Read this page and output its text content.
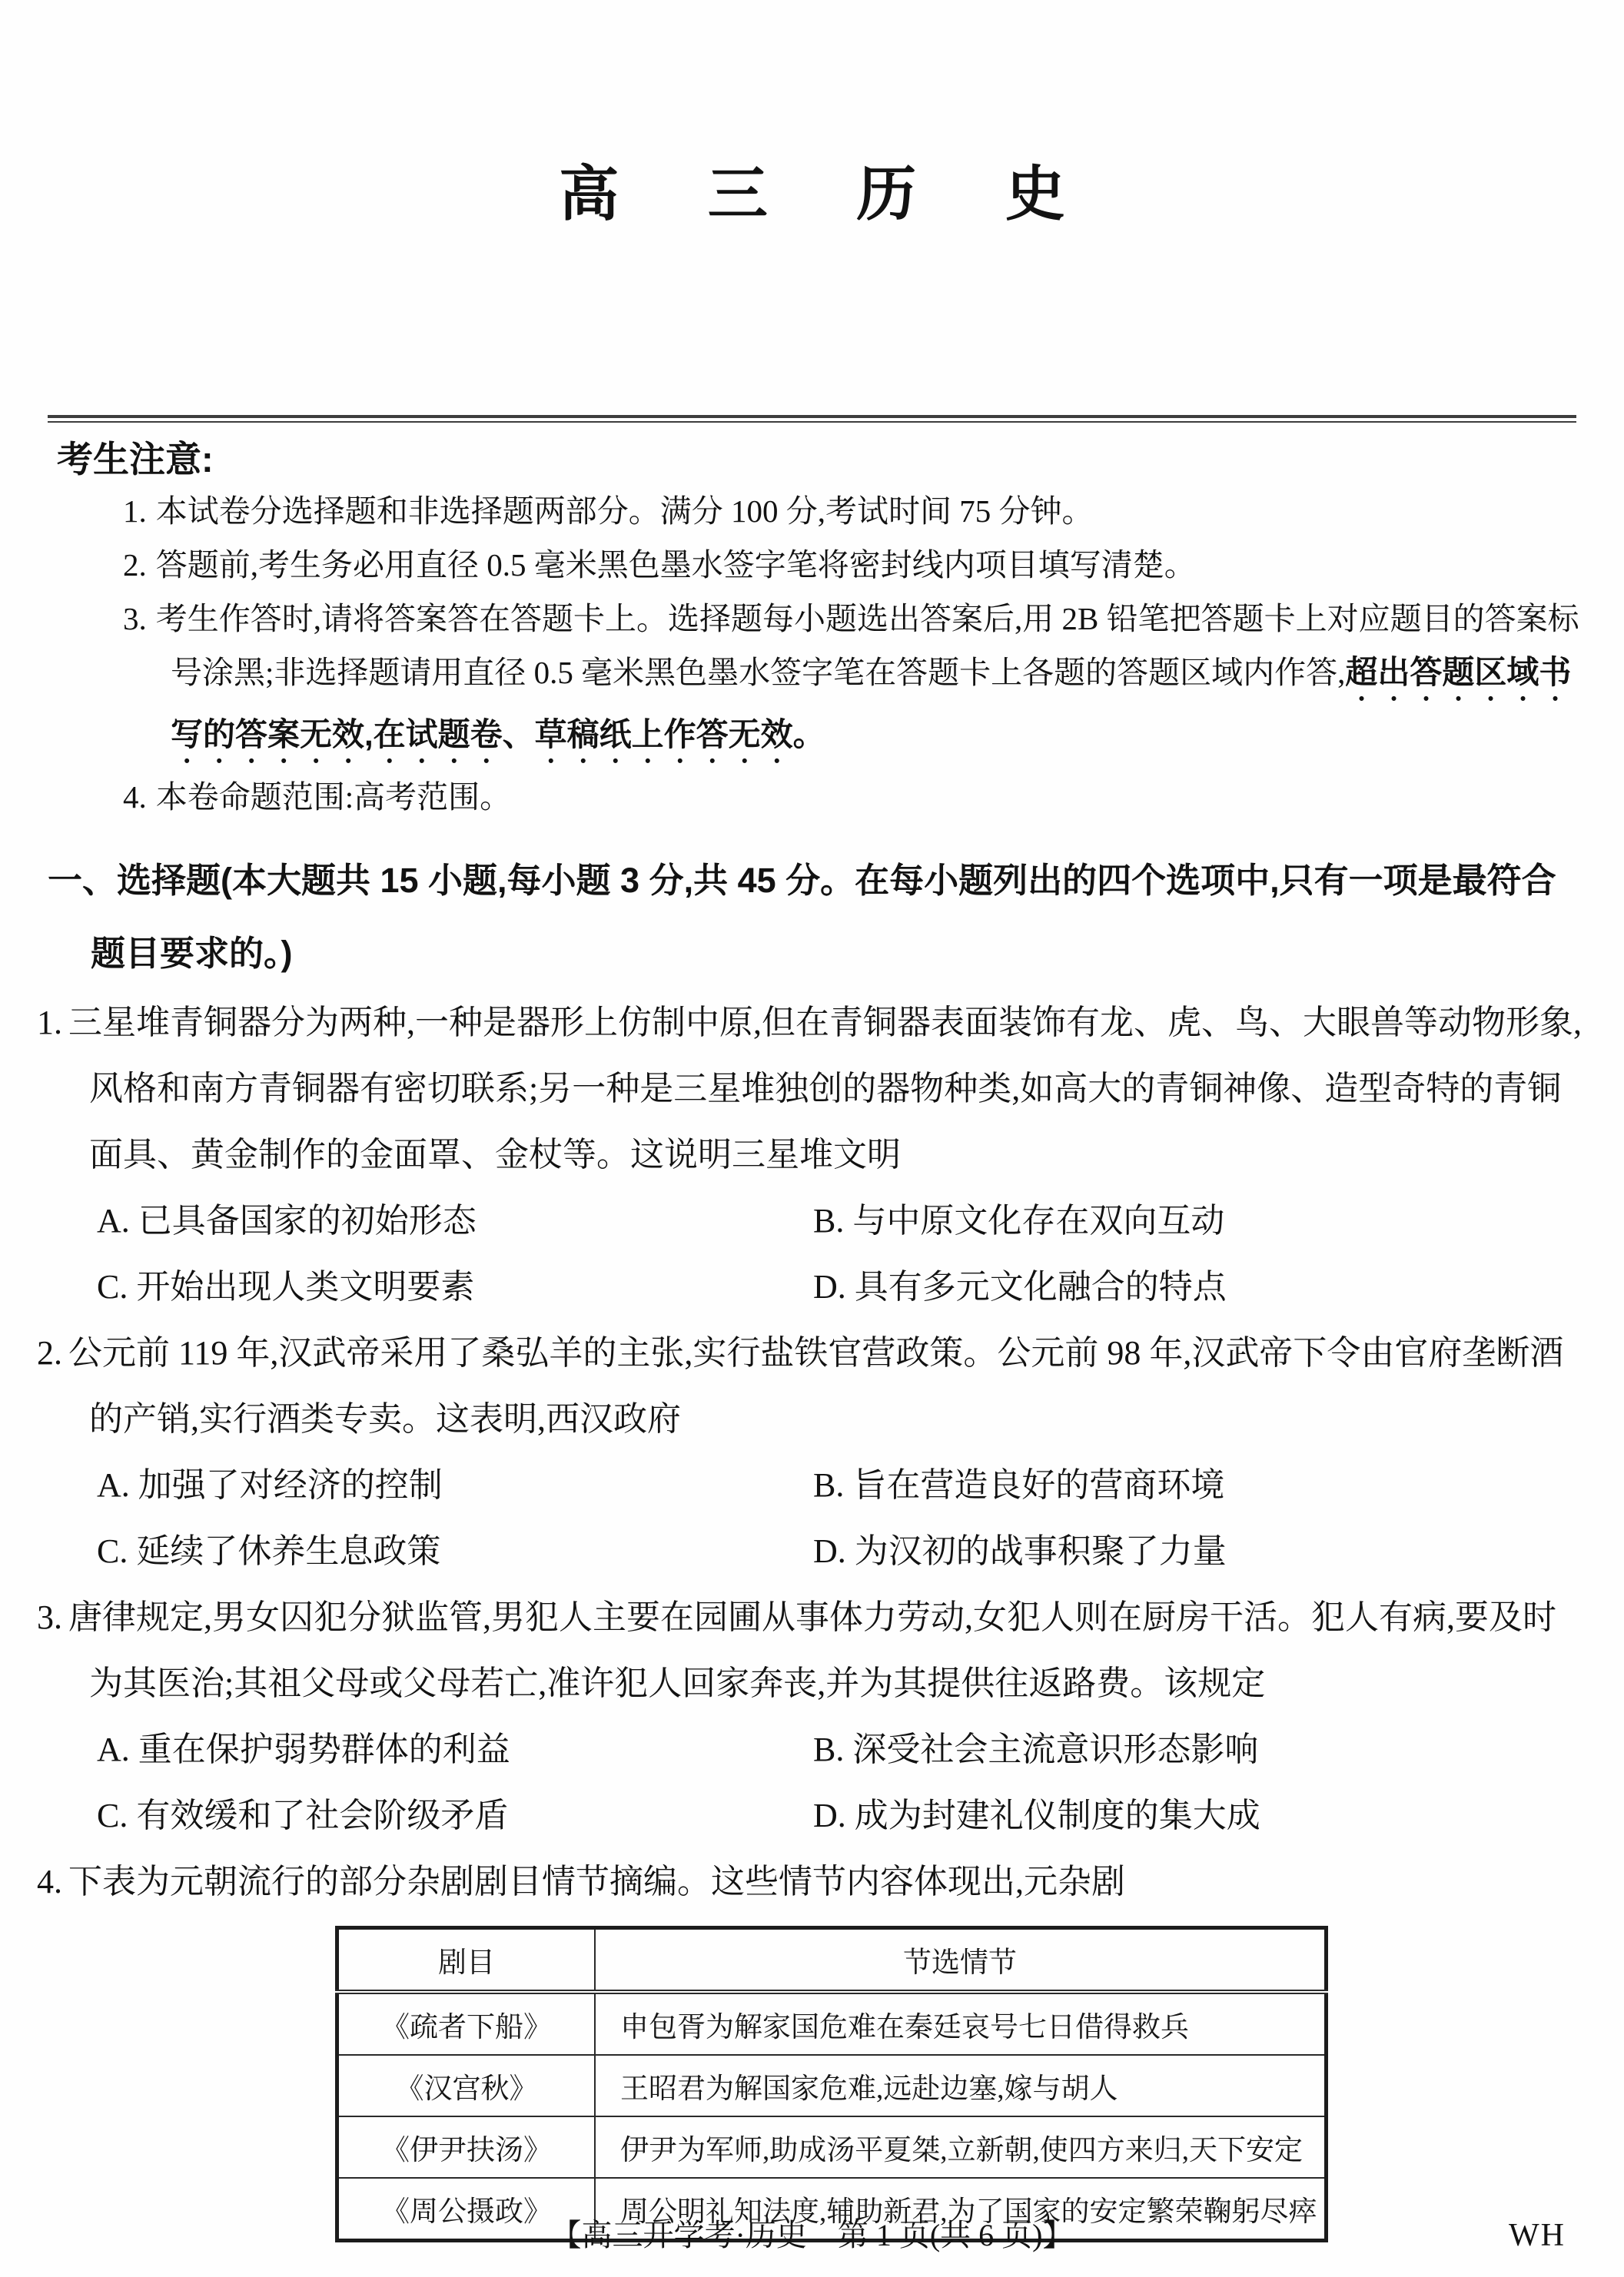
高 三 历 史
考生注意:

1. 本试卷分选择题和非选择题两部分。满分 100 分,考试时间 75 分钟。

2. 答题前,考生务必用直径 0.5 毫米黑色墨水签字笔将密封线内项目填写清楚。

3. 考生作答时,请将答案答在答题卡上。选择题每小题选出答案后,用 2B 铅笔把答题卡上对应题目的答案标号涂黑;非选择题请用直径 0.5 毫米黑色墨水签字笔在答题卡上各题的答题区域内作答,超出答题区域书写的答案无效,在试题卷、草稿纸上作答无效。

4. 本卷命题范围:高考范围。

一、选择题(本大题共 15 小题,每小题 3 分,共 45 分。在每小题列出的四个选项中,只有一项是最符合题目要求的。)

1. 三星堆青铜器分为两种,一种是器形上仿制中原,但在青铜器表面装饰有龙、虎、鸟、大眼兽等动物形象,风格和南方青铜器有密切联系;另一种是三星堆独创的器物种类,如高大的青铜神像、造型奇特的青铜面具、黄金制作的金面罩、金杖等。这说明三星堆文明

A. 已具备国家的初始形态	B. 与中原文化存在双向互动
C. 开始出现人类文明要素	D. 具有多元文化融合的特点

2. 公元前 119 年,汉武帝采用了桑弘羊的主张,实行盐铁官营政策。公元前 98 年,汉武帝下令由官府垄断酒的产销,实行酒类专卖。这表明,西汉政府

A. 加强了对经济的控制	B. 旨在营造良好的营商环境
C. 延续了休养生息政策	D. 为汉初的战事积聚了力量

3. 唐律规定,男女囚犯分狱监管,男犯人主要在园圃从事体力劳动,女犯人则在厨房干活。犯人有病,要及时为其医治;其祖父母或父母若亡,准许犯人回家奔丧,并为其提供往返路费。该规定

A. 重在保护弱势群体的利益	B. 深受社会主流意识形态影响
C. 有效缓和了社会阶级矛盾	D. 成为封建礼仪制度的集大成

4. 下表为元朝流行的部分杂剧剧目情节摘编。这些情节内容体现出,元杂剧

剧目	节选情节
《疏者下船》	申包胥为解家国危难在秦廷哀号七日借得救兵
《汉宫秋》	王昭君为解国家危难,远赴边塞,嫁与胡人
《伊尹扶汤》	伊尹为军师,助成汤平夏桀,立新朝,使四方来归,天下安定
《周公摄政》	周公明礼知法度,辅助新君,为了国家的安定繁荣鞠躬尽瘁
【高三开学考·历史　第 1 页(共 6 页)】	WH
